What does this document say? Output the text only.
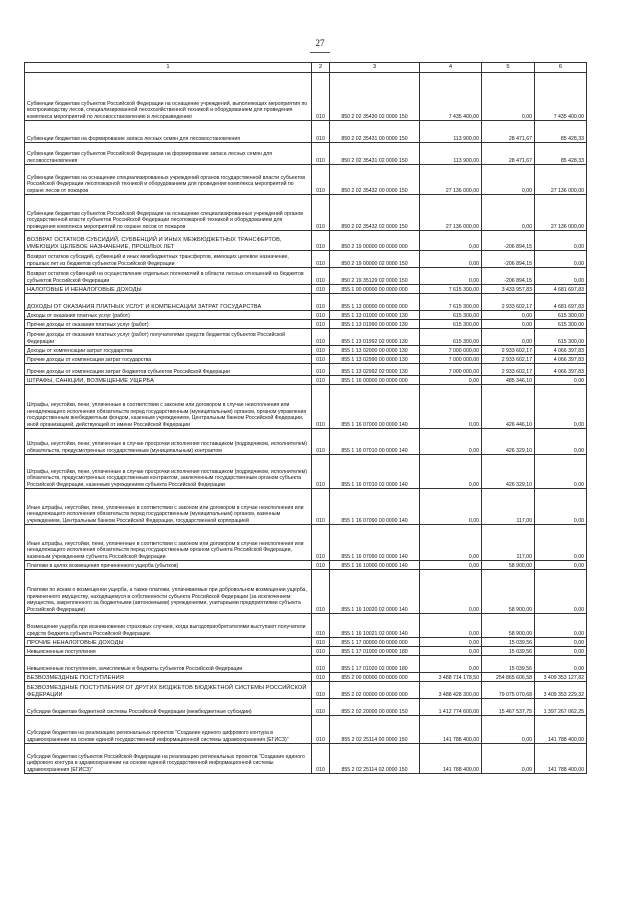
27
1	2	3	4	5	6
Субвенции бюджетам субъектов Российской Федерации на оснащение учреждений, выполняющих мероприятия по воспроизводству лесов, специализированной лесохозяйственной техникой и оборудованием для проведения комплекса мероприятий по лесовосстановлению и лесоразведению	010	850 2 02 35430 02 0000 150	7 435 400,00	0,00	7 435 400,00
Субвенции бюджетам на формирование запаса лесных семян для лесовосстановления	010	850 2 02 35431 00 0000 150	113 900,00	28 471,67	85 428,33
Субвенции бюджетам субъектов Российской Федерации на формирование запаса лесных семян для лесовосстановления	010	850 2 02 35431 02 0000 150	113 900,00	28 471,67	85 428,33
Субвенции бюджетам на оснащение специализированных учреждений органов государственной власти субъектов Российской Федерации лесопожарной техникой и оборудованием для проведения комплекса мероприятий по охране лесов от пожаров	010	850 2 02 35432 00 0000 150	27 136 000,00	0,00	27 136 000,00
Субвенции бюджетам субъектов Российской Федерации на оснащение специализированных учреждений органов государственной власти субъектов Российской Федерации лесопожарной техникой и оборудованием для проведения комплекса мероприятий по охране лесов от пожаров	010	850 2 02 35432 02 0000 150	27 136 000,00	0,00	27 136 000,00
ВОЗВРАТ ОСТАТКОВ СУБСИДИЙ, СУБВЕНЦИЙ И ИНЫХ МЕЖБЮДЖЕТНЫХ ТРАНСФЕРТОВ, ИМЕЮЩИХ ЦЕЛЕВОЕ НАЗНАЧЕНИЕ, ПРОШЛЫХ ЛЕТ	010	850 2 19 00000 00 0000 000	0,00	-206 894,15	0,00
Возврат остатков субсидий, субвенций и иных межбюджетных трансфертов, имеющих целевое назначение, прошлых лет из бюджетов субъектов Российской Федерации	010	850 2 19 00000 02 0000 150	0,00	-206 894,15	0,00
Возврат остатков субвенций на осуществление отдельных полномочий в области лесных отношений из бюджетов субъектов Российской Федерации	010	850 2 19 35129 02 0000 150	0,00	-206 894,15	0,00
НАЛОГОВЫЕ И НЕНАЛОГОВЫЕ ДОХОДЫ	010	855 1 00 00000 00 0000 000	7 615 300,00	3 433 957,83	4 681 697,83
ДОХОДЫ ОТ ОКАЗАНИЯ ПЛАТНЫХ УСЛУГ И КОМПЕНСАЦИИ ЗАТРАТ ГОСУДАРСТВА	010	855 1 13 00000 00 0000 000	7 615 300,00	2 933 602,17	4 681 697,83
Доходы от оказания платных услуг (работ)	010	855 1 13 01000 00 0000 130	615 300,00	0,00	615 300,00
Прочие доходы от оказания платных услуг (работ)	010	855 1 13 01990 00 0000 130	615 300,00	0,00	615 300,00
Прочие доходы от оказания платных услуг (работ) получателями средств бюджетов субъектов Российской Федерации	010	855 1 13 01992 02 0000 130	615 300,00	0,00	615 300,00
Доходы от компенсации затрат государства	010	855 1 13 02000 00 0000 130	7 000 000,00	2 933 602,17	4 066 397,83
Прочие доходы от компенсации затрат государства	010	855 1 13 02990 00 0000 130	7 000 000,00	2 933 602,17	4 066 397,83
Прочие доходы от компенсации затрат бюджетов субъектов Российской Федерации	010	855 1 13 02992 02 0000 130	7 000 000,00	2 933 602,17	4 066 397,83
ШТРАФЫ, САНКЦИИ, ВОЗМЕЩЕНИЕ УЩЕРБА	010	855 1 16 00000 00 0000 000	0,00	485 346,10	0,00
Штрафы, неустойки, пени, уплаченные в соответствии с законом или договором в случае неисполнения или ненадлежащего исполнения обязательств перед государственным (муниципальным) органом, органом управления государственным внебюджетным фондом, казенным учреждением, Центральным банком Российской Федерации, иной организацией, действующей от имени Российской Федерации	010	855 1 16 07000 00 0000 140	0,00	426 446,10	0,00
Штрафы, неустойки, пени, уплаченные в случае просрочки исполнения поставщиком (подрядчиком, исполнителем) обязательств, предусмотренных государственным (муниципальным) контрактом	010	855 1 16 07010 00 0000 140	0,00	426 329,10	0,00
Штрафы, неустойки, пени, уплаченные в случае просрочки исполнения поставщиком (подрядчиком, исполнителем) обязательств, предусмотренных государственным контрактом, заключенным государственным органом субъекта Российской Федерации, казенным учреждением субъекта Российской Федерации	010	855 1 16 07010 02 0000 140	0,00	426 329,10	0,00
Иные штрафы, неустойки, пени, уплаченные в соответствии с законом или договором в случае неисполнения или ненадлежащего исполнения обязательств перед государственным (муниципальным) органом, казенным учреждением, Центральным банком Российской Федерации, государственной корпорацией	010	855 1 16 07090 00 0000 140	0,00	117,00	0,00
Иные штрафы, неустойки, пени, уплаченные в соответствии с законом или договором в случае неисполнения или ненадлежащего исполнения обязательств перед государственным органом субъекта Российской Федерации, казенным учреждением субъекта Российской Федерации	010	855 1 16 07090 02 0000 140	0,00	117,00	0,00
Платежи в целях возмещения причиненного ущерба (убытков)	010	855 1 16 10000 00 0000 140	0,00	58 900,00	0,00
Платежи по искам о возмещении ущерба, а также платежи, уплачиваемые при добровольном возмещении ущерба, причиненного имуществу, находящемуся в собственности субъекта Российской Федерации (за исключением имущества, закрепленного за бюджетными (автономными) учреждениями, унитарными предприятиями субъекта Российской Федерации)	010	855 1 16 10020 02 0000 140	0,00	58 900,00	0,00
Возмещение ущерба при возникновении страховых случаев, когда выгодоприобретателями выступают получатели средств бюджета субъекта Российской Федерации	010	855 1 16 10021 02 0000 140	0,00	58 900,00	0,00
ПРОЧИЕ НЕНАЛОГОВЫЕ ДОХОДЫ	010	855 1 17 00000 00 0000 000	0,00	15 039,56	0,00
Невыясненные поступления	010	855 1 17 01000 00 0000 180	0,00	15 039,56	0,00
Невыясненные поступления, зачисляемые в бюджеты субъектов Российской Федерации	010	855 1 17 01020 02 0000 180	0,00	15 039,56	0,00
БЕЗВОЗМЕЗДНЫЕ ПОСТУПЛЕНИЯ	010	855 2 00 00000 00 0000 000	3 488 714 178,50	254 865 606,58	3 409 353 127,82
БЕЗВОЗМЕЗДНЫЕ ПОСТУПЛЕНИЯ ОТ ДРУГИХ БЮДЖЕТОВ БЮДЖЕТНОЙ СИСТЕМЫ РОССИЙСКОЙ ФЕДЕРАЦИИ	010	855 2 02 00000 00 0000 000	3 488 428 300,00	79 075 070,68	3 409 353 229,32
Субсидии бюджетам бюджетной системы Российской Федерации (межбюджетные субсидии)	010	855 2 02 20000 00 0000 150	1 412 774 600,00	15 467 537,75	1 397 267 062,25
Субсидии бюджетам на реализацию региональных проектов "Создание единого цифрового контура в здравоохранении на основе единой государственной информационной системы здравоохранения (ЕГИСЗ)"	010	855 2 02 25114 00 0000 150	141 788 400,00	0,00	141 788 400,00
Субсидии бюджетам субъектов Российской Федерации на реализацию региональных проектов "Создание единого цифрового контура в здравоохранении на основе единой государственной информационной системы здравоохранения (ЕГИСЗ)"	010	855 2 02 25114 02 0000 150	141 788 400,00	0,00	141 788 400,00
